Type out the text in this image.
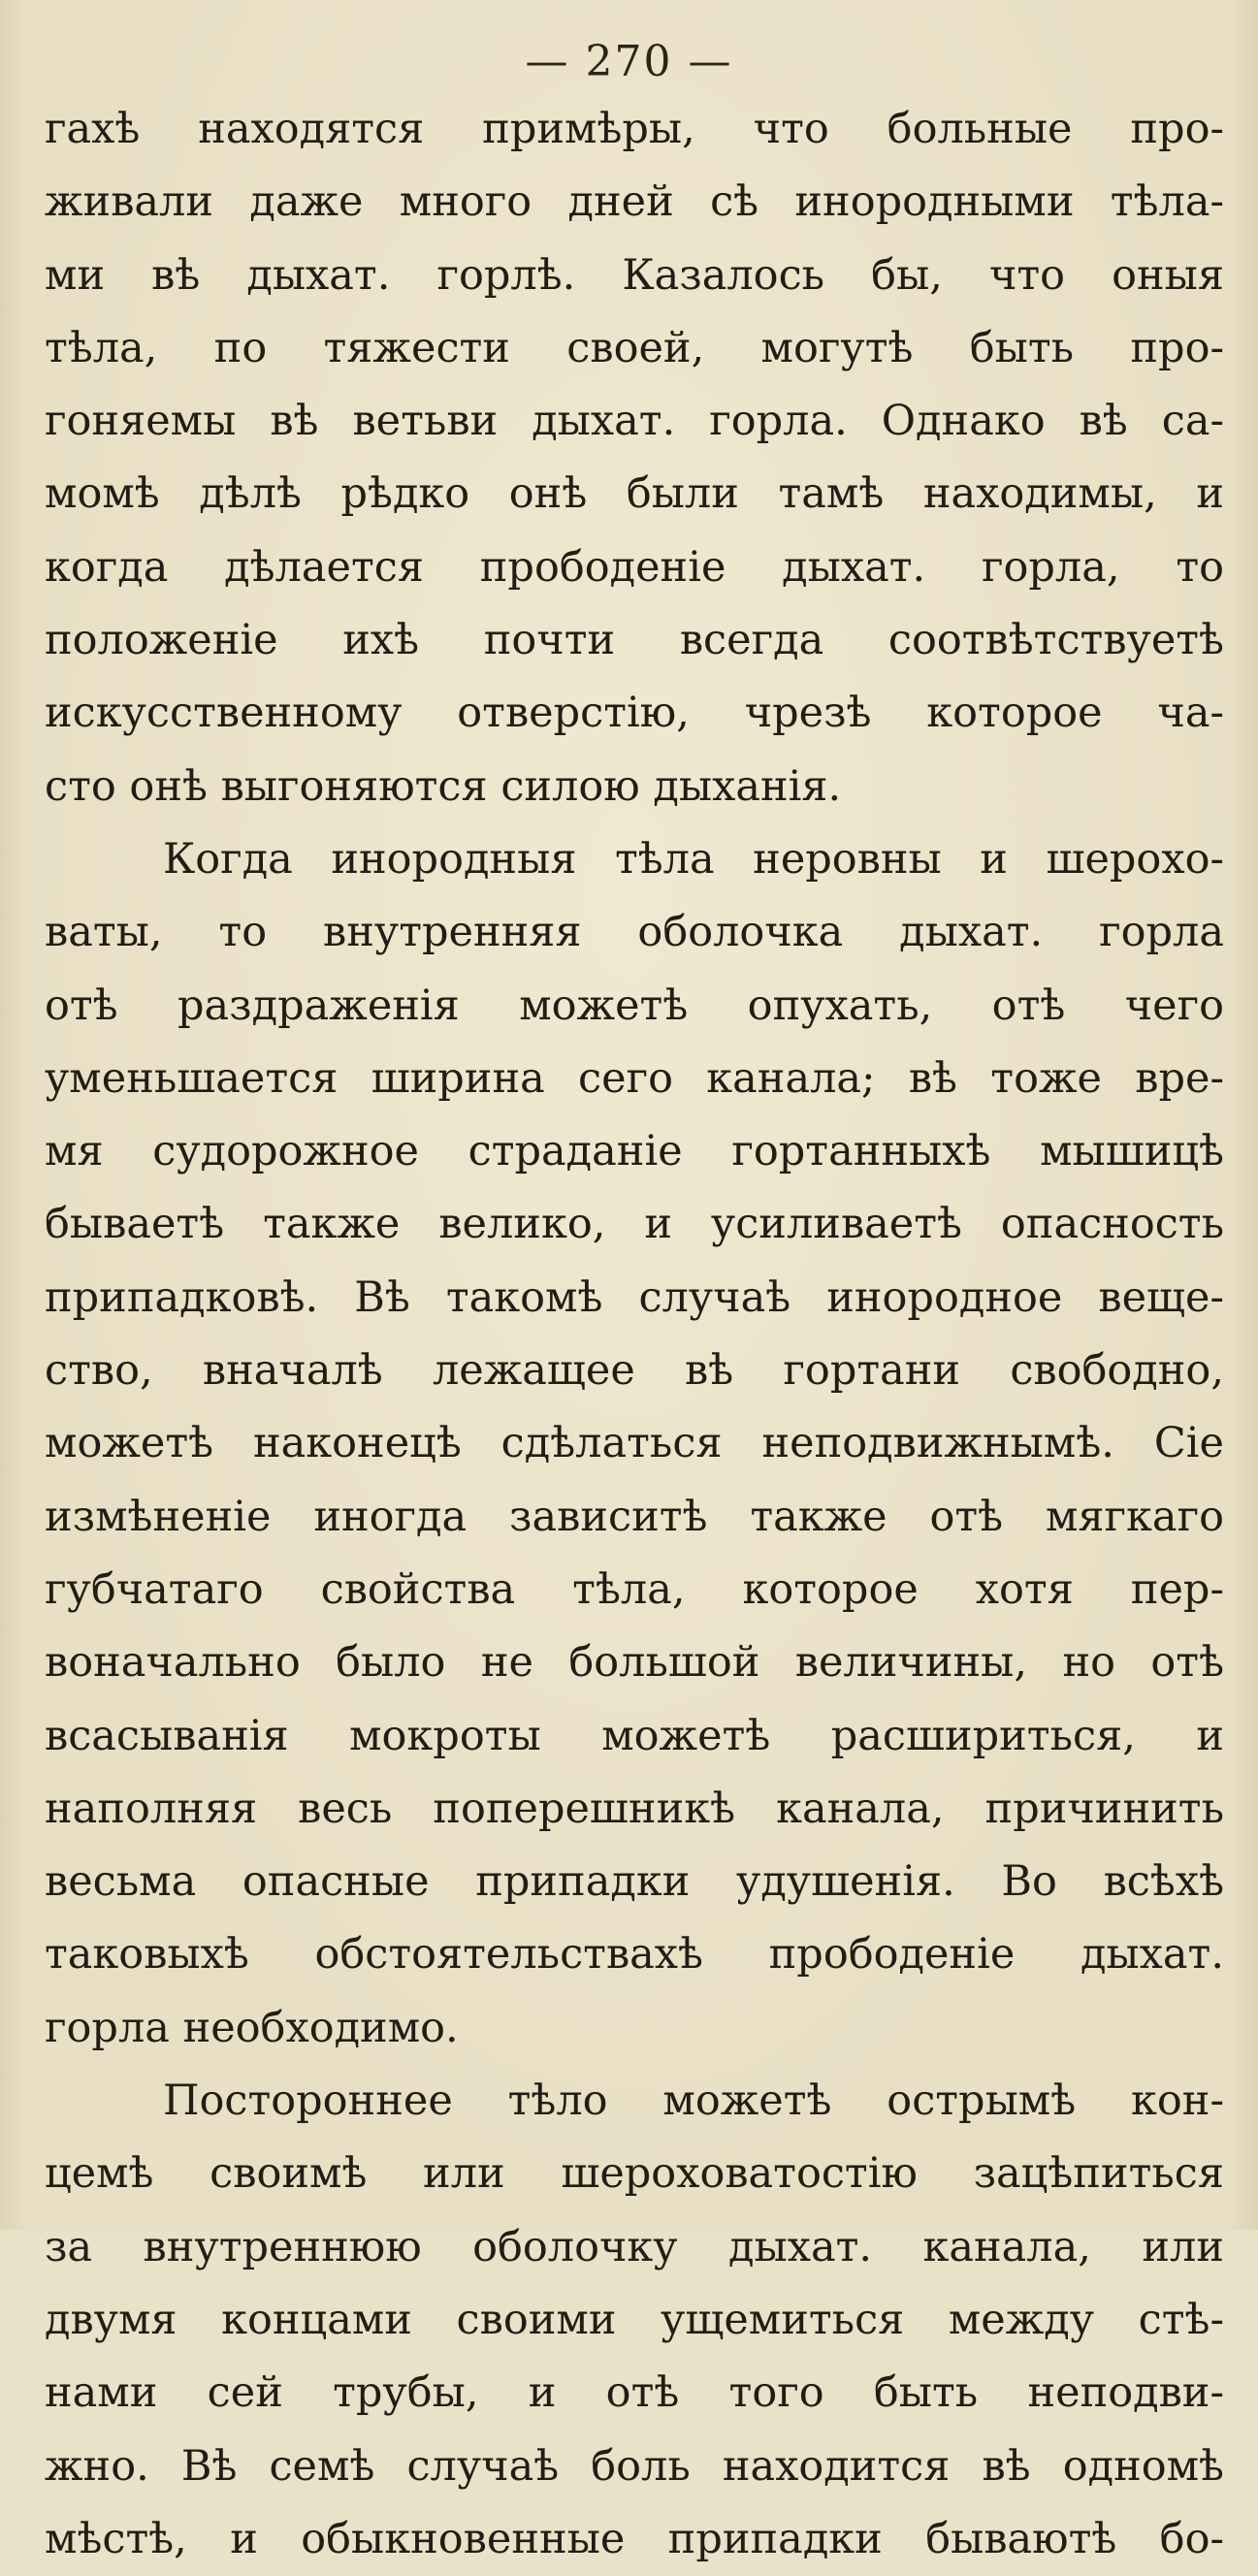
— 270 —
гахѣ находятся примѣры, что больные про-
живали даже много дней сѣ инородными тѣла-
ми вѣ дыхат. горлѣ. Казалось бы, что оныя
тѣла, по тяжести своей, могутѣ быть про-
гоняемы вѣ ветьви дыхат. горла. Однако вѣ са-
момѣ дѣлѣ рѣдко онѣ были тамѣ находимы, и
когда дѣлается прободеніе дыхат. горла, то
положеніе ихѣ почти всегда соотвѣтствуетѣ
искусственному отверстію, чрезѣ которое ча-
сто онѣ выгоняются силою дыханія.
Когда инородныя тѣла неровны и шерохо-
ваты, то внутренняя оболочка дыхат. горла
отѣ раздраженія можетѣ опухать, отѣ чего
уменьшается ширина сего канала; вѣ тоже вре-
мя судорожное страданіе гортанныхѣ мышицѣ
бываетѣ также велико, и усиливаетѣ опасность
припадковѣ. Вѣ такомѣ случаѣ инородное веще-
ство, вначалѣ лежащее вѣ гортани свободно,
можетѣ наконецѣ сдѣлаться неподвижнымѣ. Сіе
измѣненіе иногда зависитѣ также отѣ мягкаго
губчатаго свойства тѣла, которое хотя пер-
воначально было не большой величины, но отѣ
всасыванія мокроты можетѣ расшириться, и
наполняя весь поперешникѣ канала, причинить
весьма опасные припадки удушенія. Во всѣхѣ
таковыхѣ обстоятельствахѣ прободеніе дыхат.
горла необходимо.
Постороннее тѣло можетѣ острымѣ кон-
цемѣ своимѣ или шероховатостію зацѣпиться
за внутреннюю оболочку дыхат. канала, или
двумя концами своими ущемиться между стѣ-
нами сей трубы, и отѣ того быть неподви-
жно. Вѣ семѣ случаѣ боль находится вѣ одномѣ
мѣстѣ, и обыкновенные припадки бываютѣ бо-
